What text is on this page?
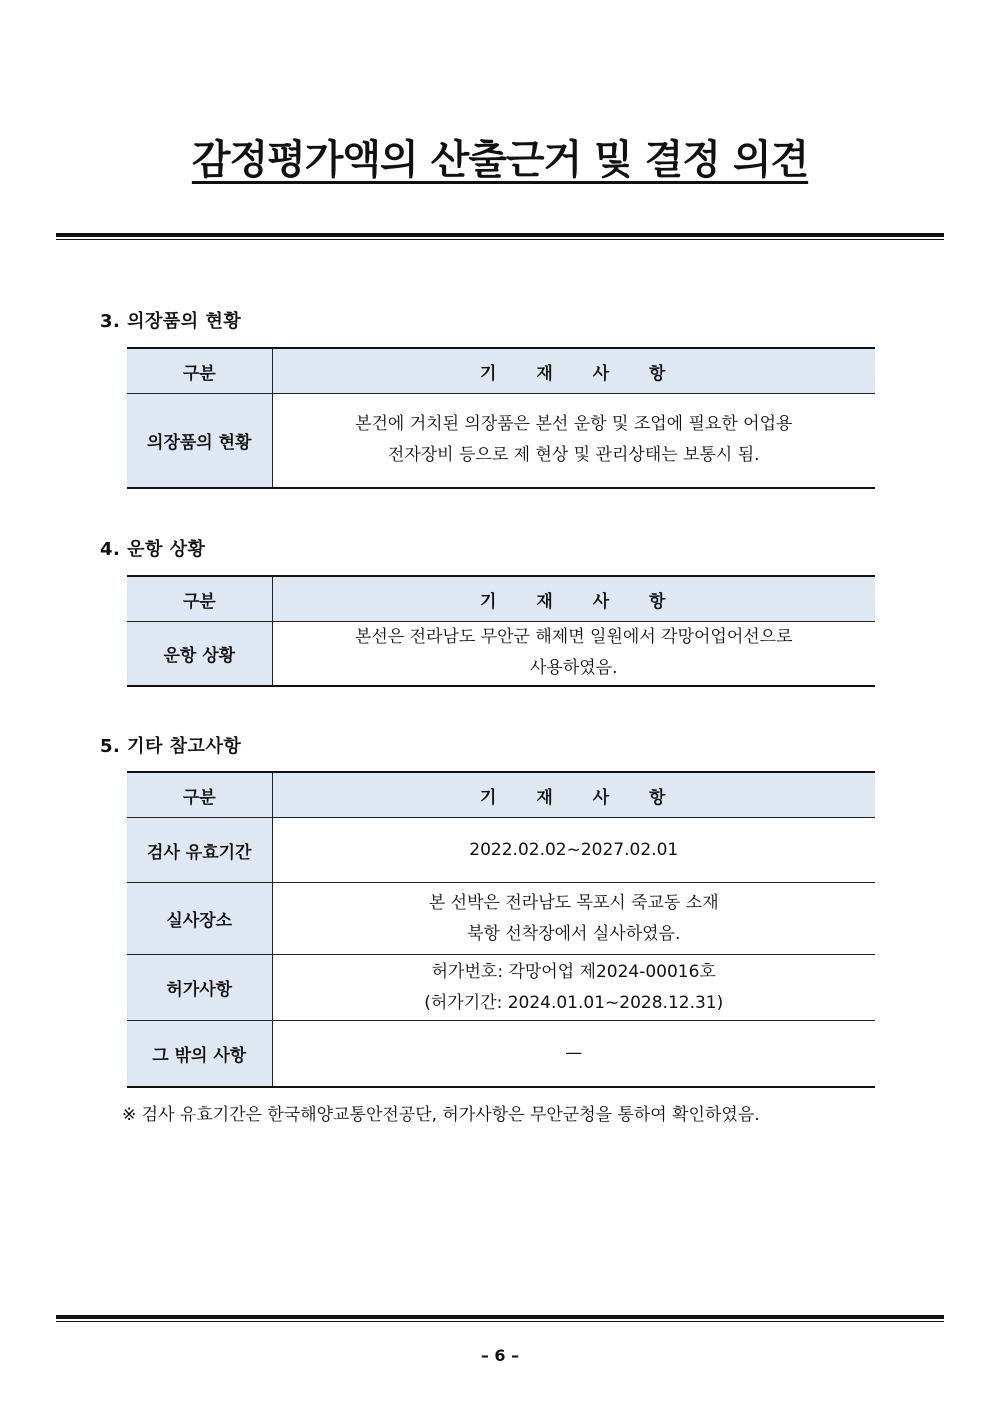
감정평가액의 산출근거 및 결정 의견
3. 의장품의 현황
구분	기 재 사 항
의장품의 현황	본건에 거치된 의장품은 본선 운항 및 조업에 필요한 어업용
전자장비 등으로 제 현상 및 관리상태는 보통시 됨.
4. 운항 상황
구분	기 재 사 항
운항 상황	본선은 전라남도 무안군 해제면 일원에서 각망어업어선으로
사용하였음.
5. 기타 참고사항
구분	기 재 사 항
검사 유효기간	2022.02.02~2027.02.01
실사장소	본 선박은 전라남도 목포시 죽교동 소재
북항 선착장에서 실사하였음.
허가사항	허가번호: 각망어업 제2024-00016호
(허가기간: 2024.01.01~2028.12.31)
그 밖의 사항	—
※ 검사 유효기간은 한국해양교통안전공단, 허가사항은 무안군청을 통하여 확인하였음.
– 6 –
